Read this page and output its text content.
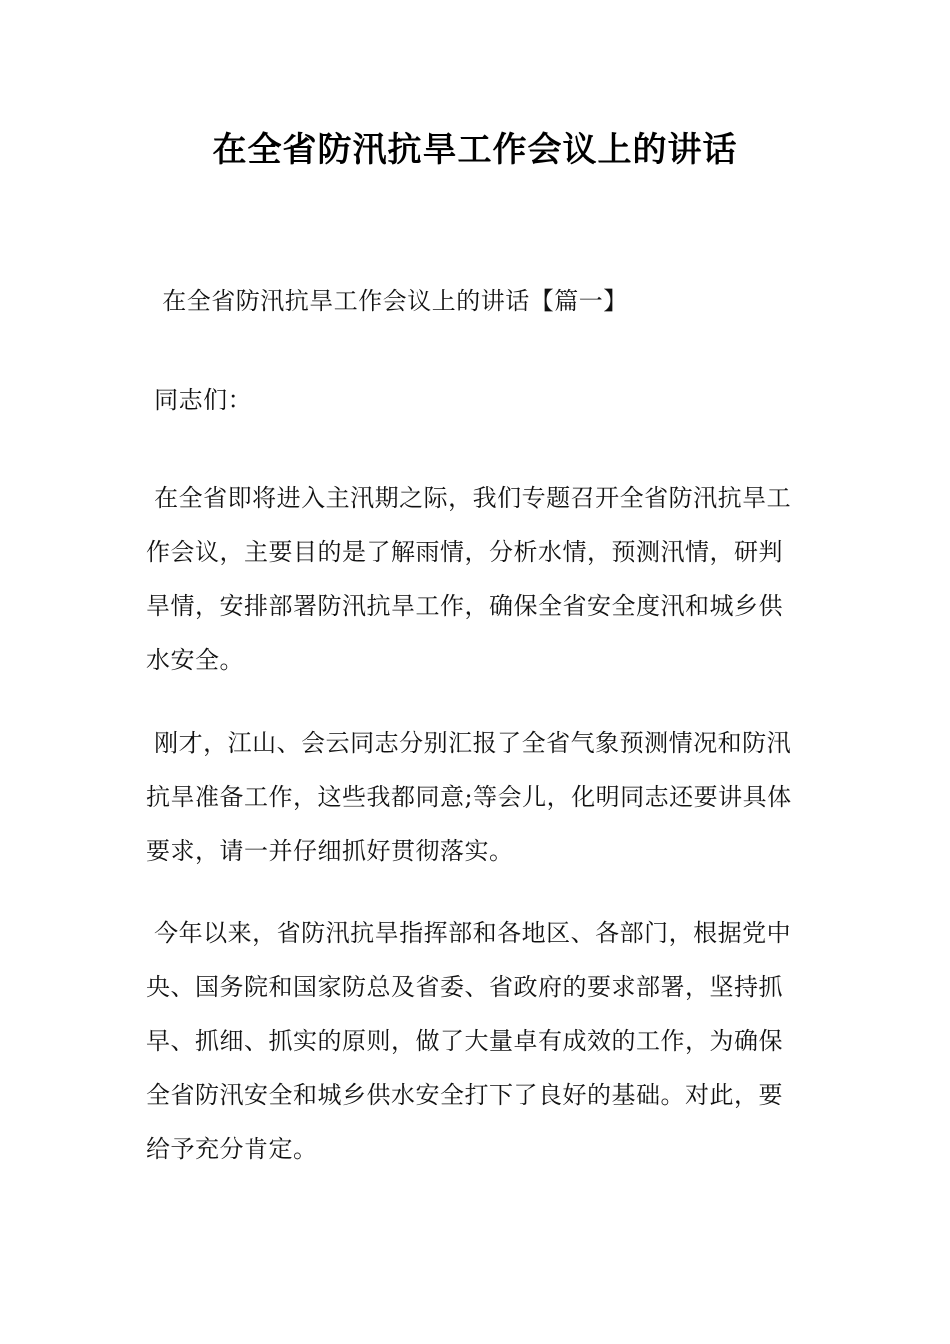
在全省防汛抗旱工作会议上的讲话

在全省防汛抗旱工作会议上的讲话【篇一】

同志们：

在全省即将进入主汛期之际，我们专题召开全省防汛抗旱工作会议，主要目的是了解雨情，分析水情，预测汛情，研判旱情，安排部署防汛抗旱工作，确保全省安全度汛和城乡供水安全。

刚才，江山、会云同志分别汇报了全省气象预测情况和防汛抗旱准备工作，这些我都同意;等会儿，化明同志还要讲具体要求，请一并仔细抓好贯彻落实。

今年以来，省防汛抗旱指挥部和各地区、各部门，根据党中央、国务院和国家防总及省委、省政府的要求部署，坚持抓早、抓细、抓实的原则，做了大量卓有成效的工作，为确保全省防汛安全和城乡供水安全打下了良好的基础。对此，要给予充分肯定。
